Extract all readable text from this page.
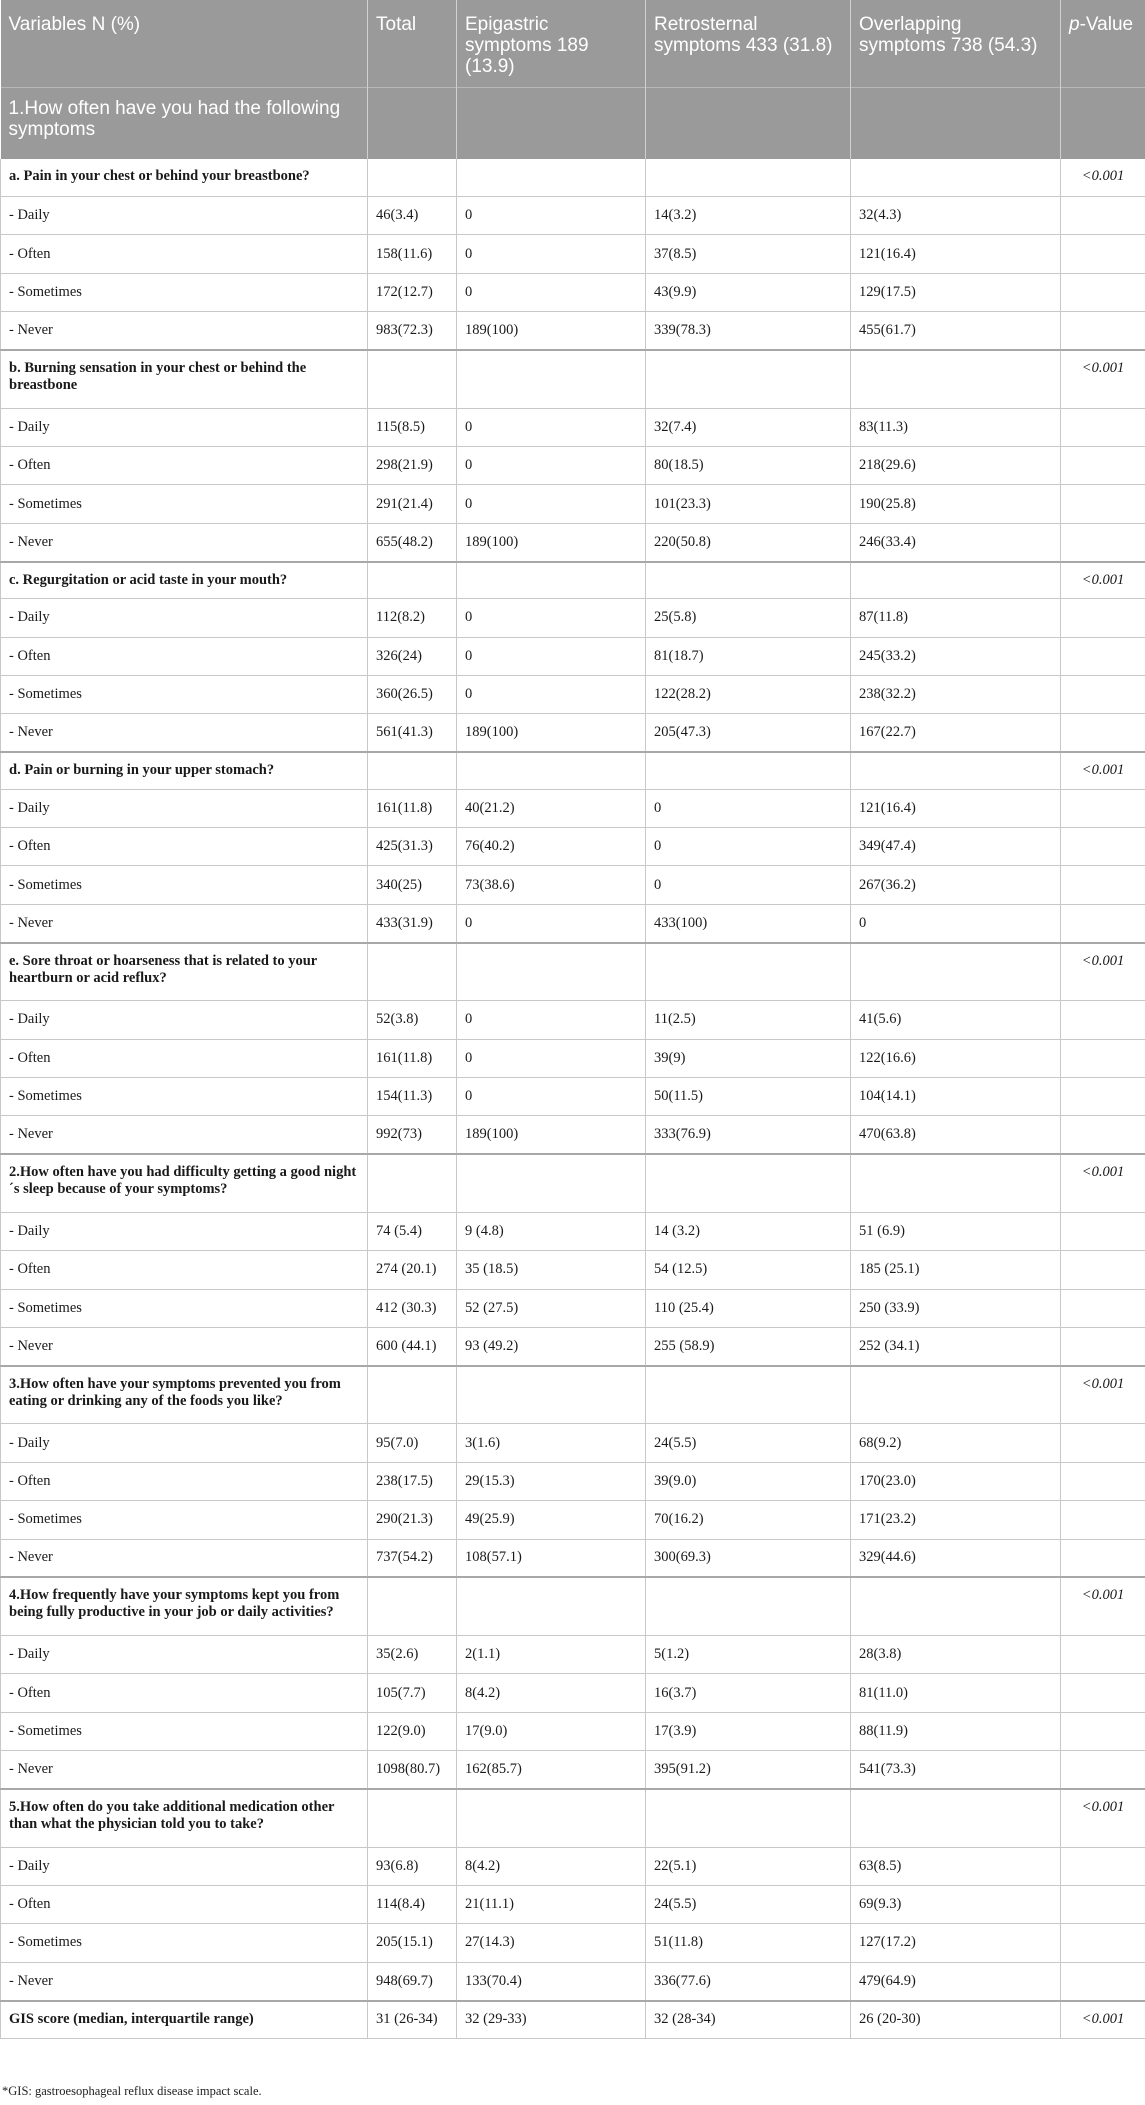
Variables N (%)	Total	Epigastric symptoms 189 (13.9)	Retrosternal symptoms 433 (31.8)	Overlapping symptoms 738 (54.3)	p-Value
1.How often have you had the following symptoms					
a. Pain in your chest or behind your breastbone?					<0.001
- Daily	46(3.4)	0	14(3.2)	32(4.3)	
- Often	158(11.6)	0	37(8.5)	121(16.4)	
- Sometimes	172(12.7)	0	43(9.9)	129(17.5)	
- Never	983(72.3)	189(100)	339(78.3)	455(61.7)	
b. Burning sensation in your chest or behind the breastbone					<0.001
- Daily	115(8.5)	0	32(7.4)	83(11.3)	
- Often	298(21.9)	0	80(18.5)	218(29.6)	
- Sometimes	291(21.4)	0	101(23.3)	190(25.8)	
- Never	655(48.2)	189(100)	220(50.8)	246(33.4)	
c. Regurgitation or acid taste in your mouth?					<0.001
- Daily	112(8.2)	0	25(5.8)	87(11.8)	
- Often	326(24)	0	81(18.7)	245(33.2)	
- Sometimes	360(26.5)	0	122(28.2)	238(32.2)	
- Never	561(41.3)	189(100)	205(47.3)	167(22.7)	
d. Pain or burning in your upper stomach?					<0.001
- Daily	161(11.8)	40(21.2)	0	121(16.4)	
- Often	425(31.3)	76(40.2)	0	349(47.4)	
- Sometimes	340(25)	73(38.6)	0	267(36.2)	
- Never	433(31.9)	0	433(100)	0	
e. Sore throat or hoarseness that is related to your heartburn or acid reflux?					<0.001
- Daily	52(3.8)	0	11(2.5)	41(5.6)	
- Often	161(11.8)	0	39(9)	122(16.6)	
- Sometimes	154(11.3)	0	50(11.5)	104(14.1)	
- Never	992(73)	189(100)	333(76.9)	470(63.8)	
2.How often have you had difficulty getting a good night´s sleep because of your symptoms?					<0.001
- Daily	74 (5.4)	9 (4.8)	14 (3.2)	51 (6.9)	
- Often	274 (20.1)	35 (18.5)	54 (12.5)	185 (25.1)	
- Sometimes	412 (30.3)	52 (27.5)	110 (25.4)	250 (33.9)	
- Never	600 (44.1)	93 (49.2)	255 (58.9)	252 (34.1)	
3.How often have your symptoms prevented you from eating or drinking any of the foods you like?					<0.001
- Daily	95(7.0)	3(1.6)	24(5.5)	68(9.2)	
- Often	238(17.5)	29(15.3)	39(9.0)	170(23.0)	
- Sometimes	290(21.3)	49(25.9)	70(16.2)	171(23.2)	
- Never	737(54.2)	108(57.1)	300(69.3)	329(44.6)	
4.How frequently have your symptoms kept you from being fully productive in your job or daily activities?					<0.001
- Daily	35(2.6)	2(1.1)	5(1.2)	28(3.8)	
- Often	105(7.7)	8(4.2)	16(3.7)	81(11.0)	
- Sometimes	122(9.0)	17(9.0)	17(3.9)	88(11.9)	
- Never	1098(80.7)	162(85.7)	395(91.2)	541(73.3)	
5.How often do you take additional medication other than what the physician told you to take?					<0.001
- Daily	93(6.8)	8(4.2)	22(5.1)	63(8.5)	
- Often	114(8.4)	21(11.1)	24(5.5)	69(9.3)	
- Sometimes	205(15.1)	27(14.3)	51(11.8)	127(17.2)	
- Never	948(69.7)	133(70.4)	336(77.6)	479(64.9)	
GIS score (median, interquartile range)	31 (26-34)	32 (29-33)	32 (28-34)	26 (20-30)	<0.001
*GIS: gastroesophageal reflux disease impact scale.
